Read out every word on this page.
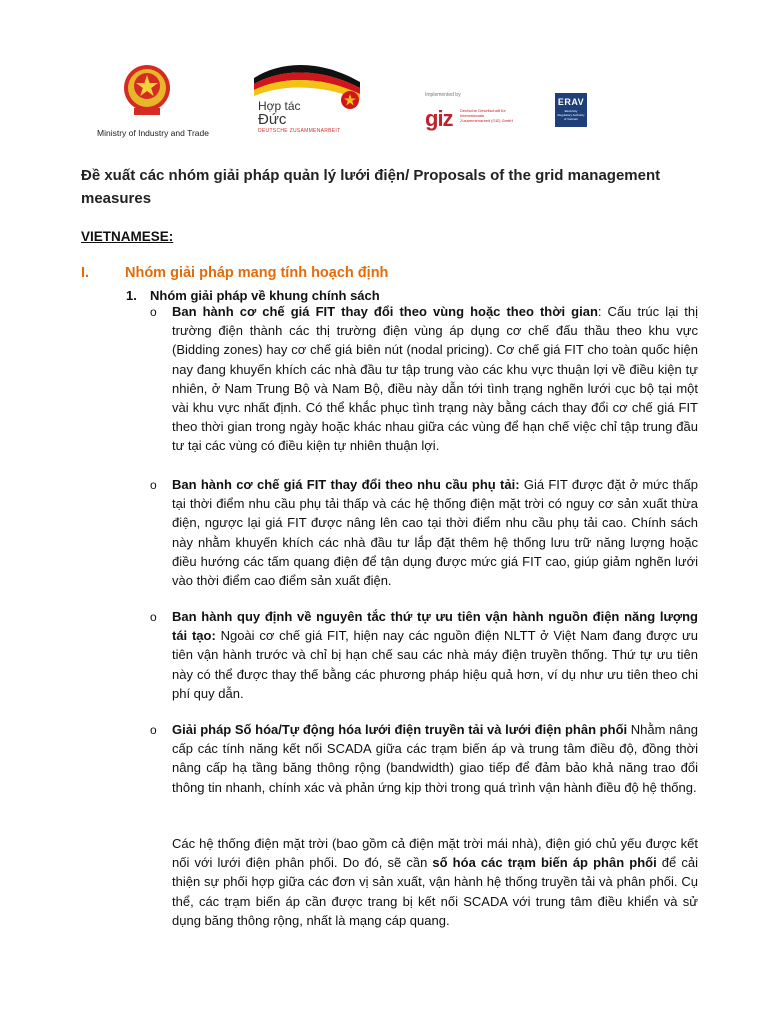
Ministry of Industry and Trade
Hợp tác
Đức
DEUTSCHE ZUSAMMENARBEIT
Implemented by
giz Deutsche Gesellschaft für Internationale Zusammenarbeit (GIZ) GmbH
ERAV
Electricity Regulatory Authority of Vietnam
Đề xuất các nhóm giải pháp quản lý lưới điện/ Proposals of the grid management measures
VIETNAMESE:
I. Nhóm giải pháp mang tính hoạch định
1. Nhóm giải pháp về khung chính sách
o Ban hành cơ chế giá FIT thay đổi theo vùng hoặc theo thời gian: Cấu trúc lại thị trường điện thành các thị trường điện vùng áp dụng cơ chế đấu thầu theo khu vực (Bidding zones) hay cơ chế giá biên nút (nodal pricing). Cơ chế giá FIT cho toàn quốc hiện nay đang khuyến khích các nhà đầu tư tập trung vào các khu vực thuận lợi về điều kiện tự nhiên, ở Nam Trung Bộ và Nam Bộ, điều này dẫn tới tình trạng nghẽn lưới cục bộ tại một vài khu vực nhất định. Có thể khắc phục tình trạng này bằng cách thay đổi cơ chế giá FIT theo thời gian trong ngày hoặc khác nhau giữa các vùng để hạn chế việc chỉ tập trung đầu tư tại các vùng có điều kiện tự nhiên thuận lợi.
o Ban hành cơ chế giá FIT thay đổi theo nhu cầu phụ tải: Giá FIT được đặt ở mức thấp tại thời điểm nhu cầu phụ tải thấp và các hệ thống điện mặt trời có nguy cơ sản xuất thừa điện, ngược lại giá FIT được nâng lên cao tại thời điểm nhu cầu phụ tải cao. Chính sách này nhằm khuyến khích các nhà đầu tư lắp đặt thêm hệ thống lưu trữ năng lượng hoặc điều hướng các tấm quang điện để tận dụng được mức giá FIT cao, giúp giảm nghẽn lưới vào thời điểm cao điểm sản xuất điện.
o Ban hành quy định về nguyên tắc thứ tự ưu tiên vận hành nguồn điện năng lượng tái tạo: Ngoài cơ chế giá FIT, hiện nay các nguồn điện NLTT ở Việt Nam đang được ưu tiên vận hành trước và chỉ bị hạn chế sau các nhà máy điện truyền thống. Thứ tự ưu tiên này có thể được thay thế bằng các phương pháp hiệu quả hơn, ví dụ như ưu tiên theo chi phí quy dẫn.
o Giải pháp Số hóa/Tự động hóa lưới điện truyền tải và lưới điện phân phối Nhằm nâng cấp các tính năng kết nối SCADA giữa các trạm biến áp và trung tâm điều độ, đồng thời nâng cấp hạ tầng băng thông rộng (bandwidth) giao tiếp để đảm bảo khả năng trao đổi thông tin nhanh, chính xác và phản ứng kịp thời trong quá trình vận hành điều độ hệ thống.
Các hệ thống điện mặt trời (bao gồm cả điện mặt trời mái nhà), điện gió chủ yếu được kết nối với lưới điện phân phối. Do đó, sẽ cần số hóa các trạm biến áp phân phối để cải thiện sự phối hợp giữa các đơn vị sản xuất, vận hành hệ thống truyền tải và phân phối. Cụ thể, các trạm biến áp cần được trang bị kết nối SCADA với trung tâm điều khiển và sử dụng băng thông rộng, nhất là mạng cáp quang.
